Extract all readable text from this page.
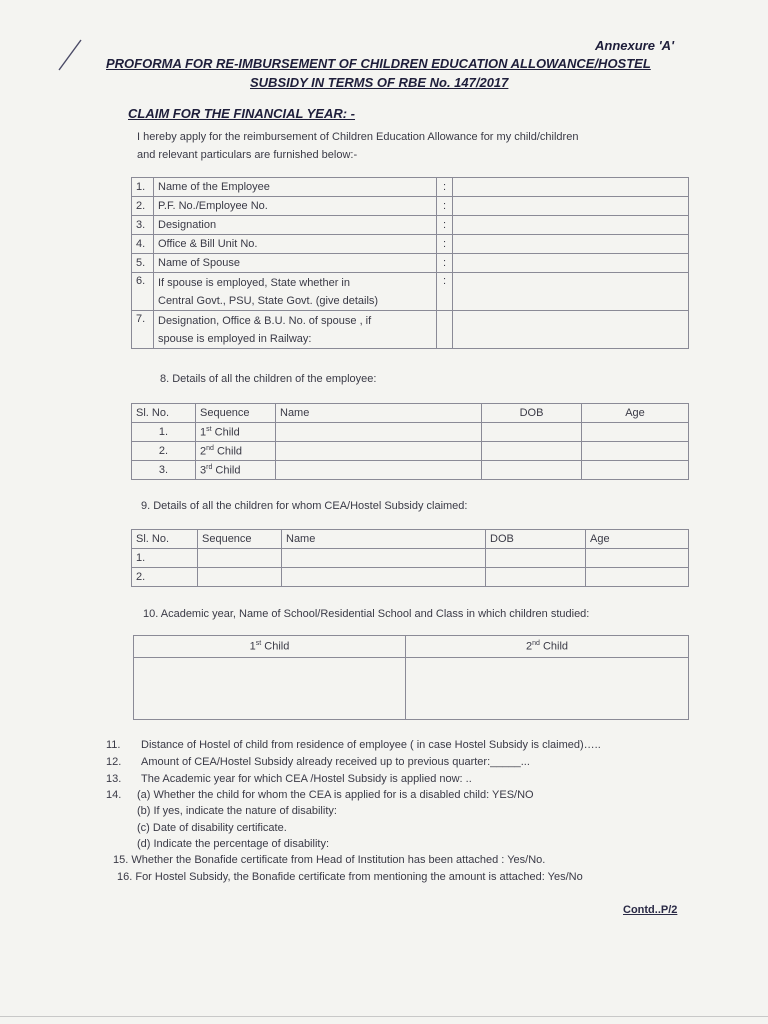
Annexure 'A'
PROFORMA FOR RE-IMBURSEMENT OF CHILDREN EDUCATION ALLOWANCE/HOSTEL
SUBSIDY IN TERMS OF RBE No. 147/2017
CLAIM FOR THE FINANCIAL YEAR: -
I hereby apply for the reimbursement of Children Education Allowance for my child/children
and relevant particulars are furnished below:-
1.	Name of the Employee	:	
2.	P.F. No./Employee No.	:	
3.	Designation	:	
4.	Office & Bill Unit No.	:	
5.	Name of Spouse	:	
6.	If spouse is employed, State whether in
Central Govt., PSU, State Govt. (give details)	:	
7.	Designation, Office & B.U. No. of spouse , if
spouse is employed in Railway:		

8. Details of all the children of the employee:
Sl. No.	Sequence	Name	DOB	Age
1.	1st Child			
2.	2nd Child			
3.	3rd Child			
9. Details of all the children for whom CEA/Hostel Subsidy claimed:
Sl. No.	Sequence	Name	DOB	Age
1.				
2.				
10. Academic year, Name of School/Residential School and Class in which children studied:
1st Child	2nd Child

11. Distance of Hostel of child from residence of employee ( in case Hostel Subsidy is claimed)…..
12. Amount of CEA/Hostel Subsidy already received up to previous quarter:_____...
13. The Academic year for which CEA /Hostel Subsidy is applied now: ..
14. (a) Whether the child for whom the CEA is applied for is a disabled child: YES/NO
(b) If yes, indicate the nature of disability:
(c) Date of disability certificate.
(d) Indicate the percentage of disability:
15. Whether the Bonafide certificate from Head of Institution has been attached : Yes/No.
16. For Hostel Subsidy, the Bonafide certificate from mentioning the amount is attached: Yes/No
Contd..P/2
